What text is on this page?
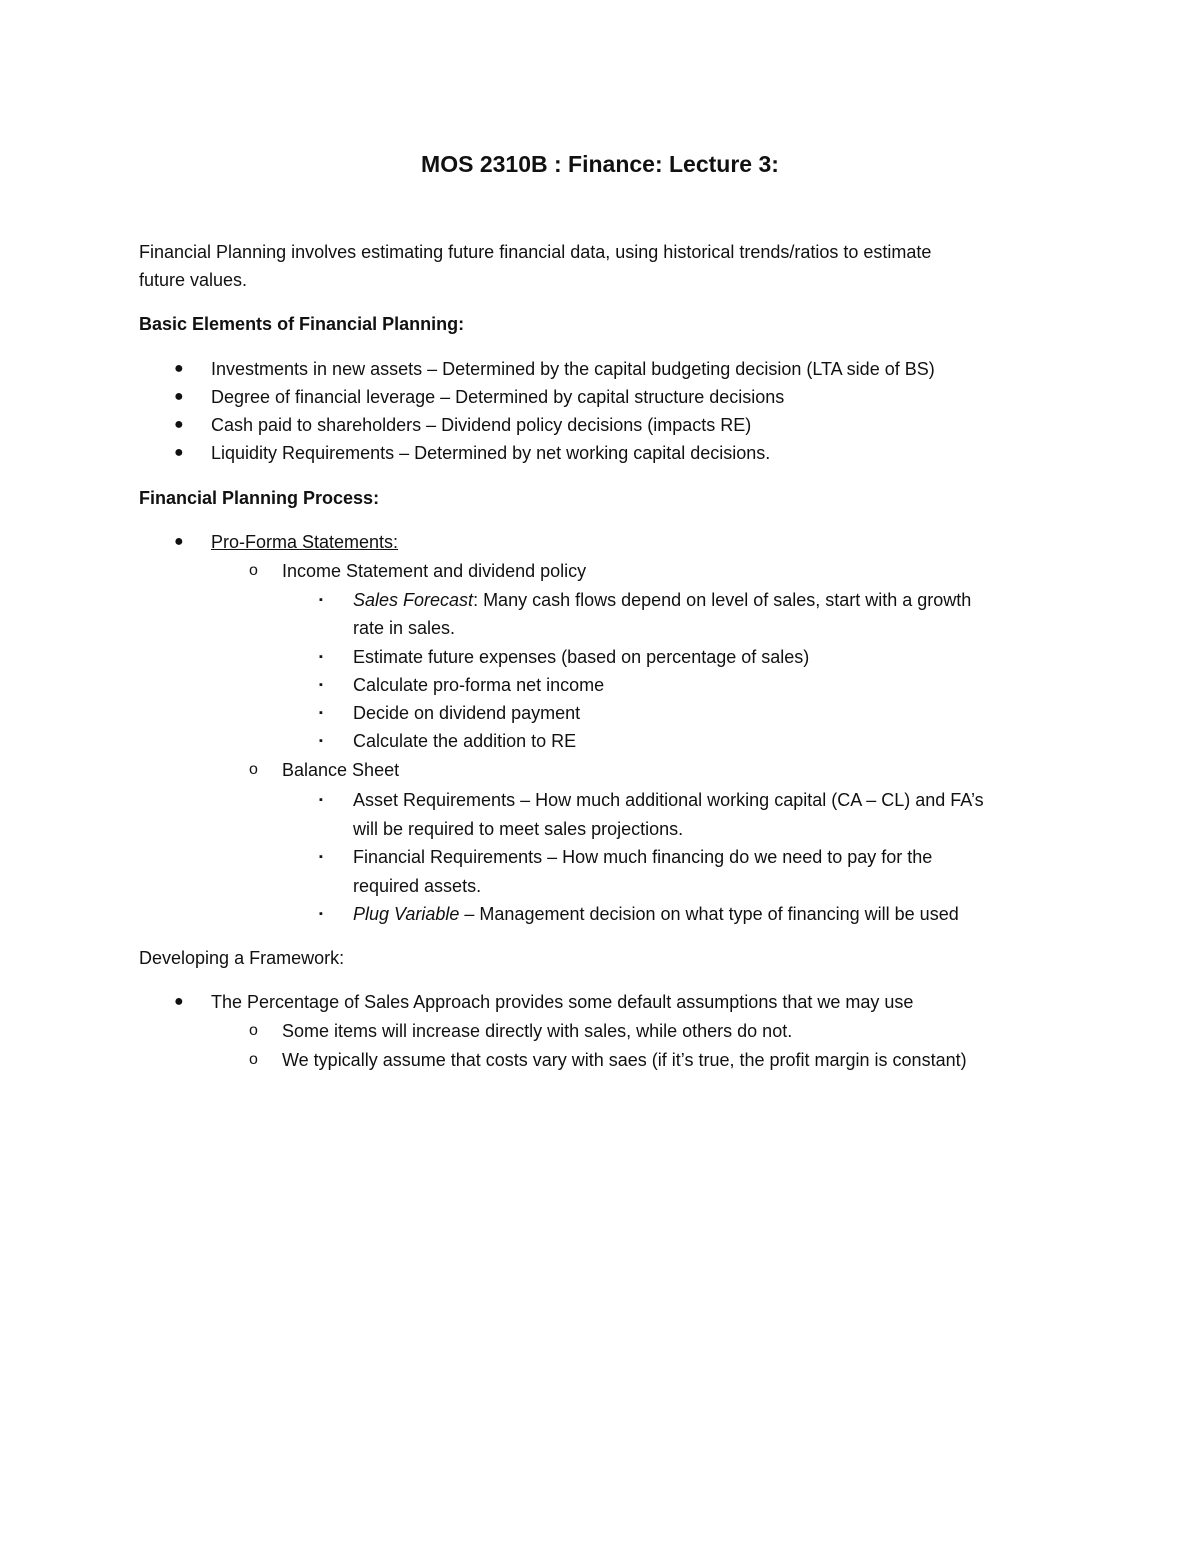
MOS 2310B : Finance: Lecture 3:
Financial Planning involves estimating future financial data, using historical trends/ratios to estimate
future values.
Basic Elements of Financial Planning:
● Investments in new assets – Determined by the capital budgeting decision (LTA side of BS)
● Degree of financial leverage – Determined by capital structure decisions
● Cash paid to shareholders – Dividend policy decisions (impacts RE)
● Liquidity Requirements – Determined by net working capital decisions.
Financial Planning Process:
● Pro-Forma Statements:
o Income Statement and dividend policy
▪ Sales Forecast: Many cash flows depend on level of sales, start with a growth
rate in sales.
▪ Estimate future expenses (based on percentage of sales)
▪ Calculate pro-forma net income
▪ Decide on dividend payment
▪ Calculate the addition to RE
o Balance Sheet
▪ Asset Requirements – How much additional working capital (CA – CL) and FA’s
will be required to meet sales projections.
▪ Financial Requirements – How much financing do we need to pay for the
required assets.
▪ Plug Variable – Management decision on what type of financing will be used
Developing a Framework:
● The Percentage of Sales Approach provides some default assumptions that we may use
o Some items will increase directly with sales, while others do not.
o We typically assume that costs vary with saes (if it’s true, the profit margin is constant)
